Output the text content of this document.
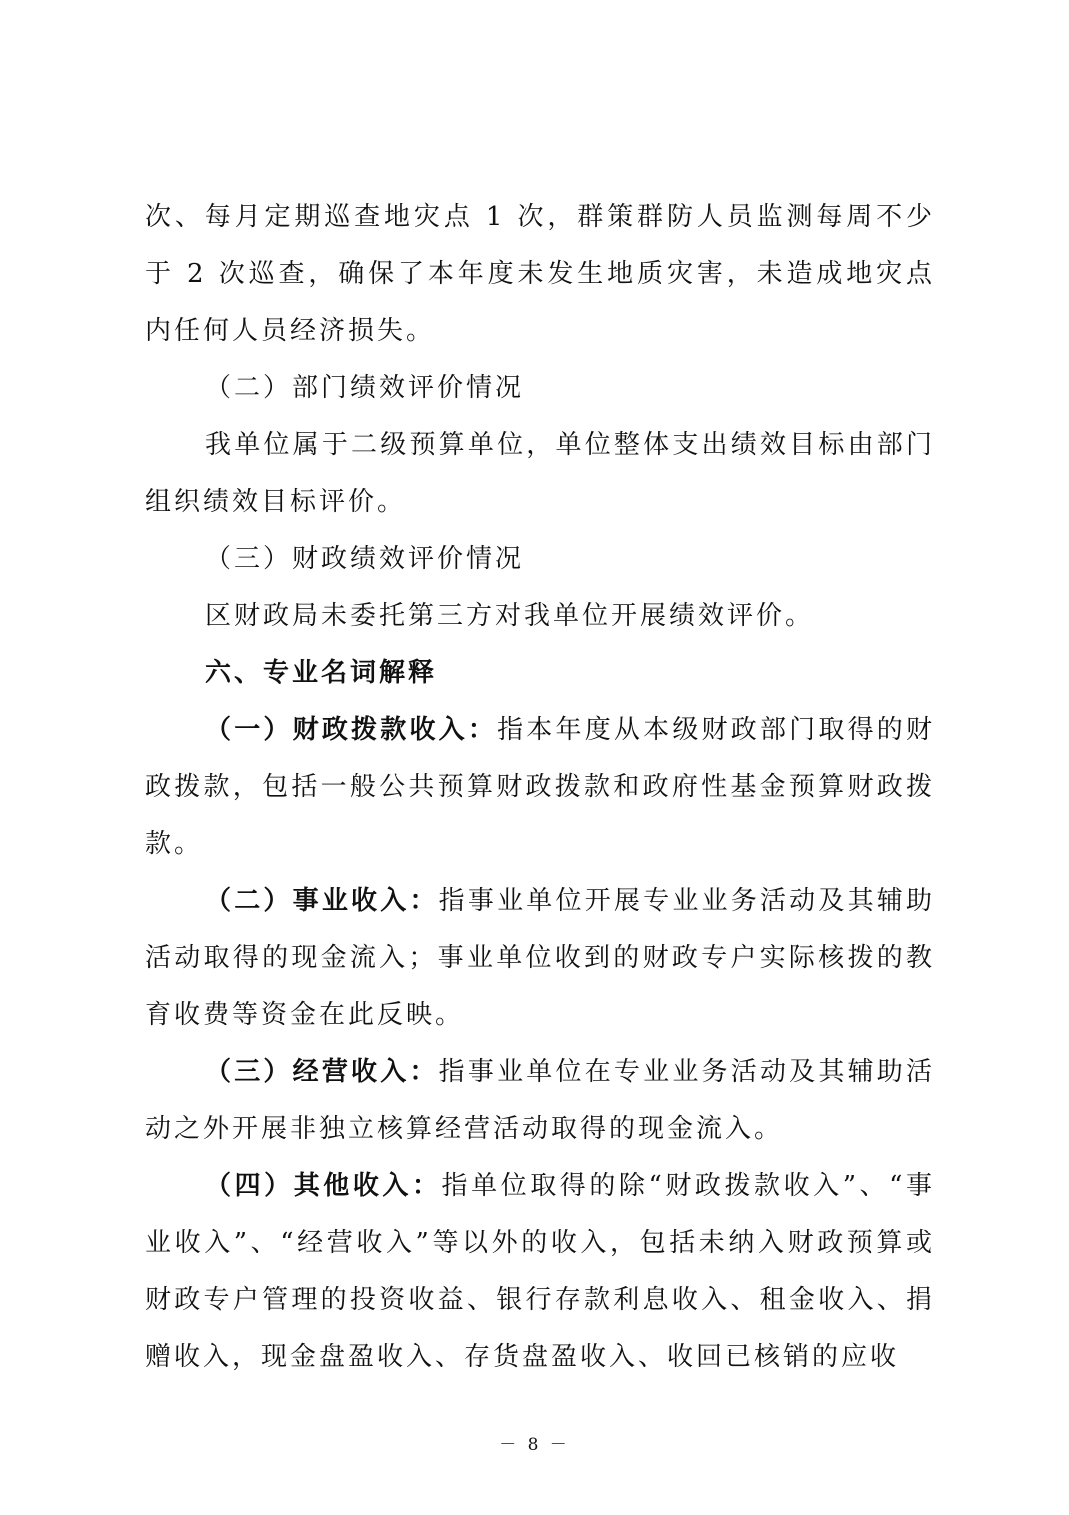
次、每月定期巡查地灾点 1 次，群策群防人员监测每周不少于 2 次巡查，确保了本年度未发生地质灾害，未造成地灾点内任何人员经济损失。

（二）部门绩效评价情况

我单位属于二级预算单位，单位整体支出绩效目标由部门组织绩效目标评价。

（三）财政绩效评价情况

区财政局未委托第三方对我单位开展绩效评价。

六、专业名词解释

（一）财政拨款收入：指本年度从本级财政部门取得的财政拨款，包括一般公共预算财政拨款和政府性基金预算财政拨款。

（二）事业收入：指事业单位开展专业业务活动及其辅助活动取得的现金流入；事业单位收到的财政专户实际核拨的教育收费等资金在此反映。

（三）经营收入：指事业单位在专业业务活动及其辅助活动之外开展非独立核算经营活动取得的现金流入。

（四）其他收入：指单位取得的除“财政拨款收入”、“事业收入”、“经营收入”等以外的收入，包括未纳入财政预算或财政专户管理的投资收益、银行存款利息收入、租金收入、捐赠收入，现金盘盈收入、存货盘盈收入、收回已核销的应收

－ 8 －
